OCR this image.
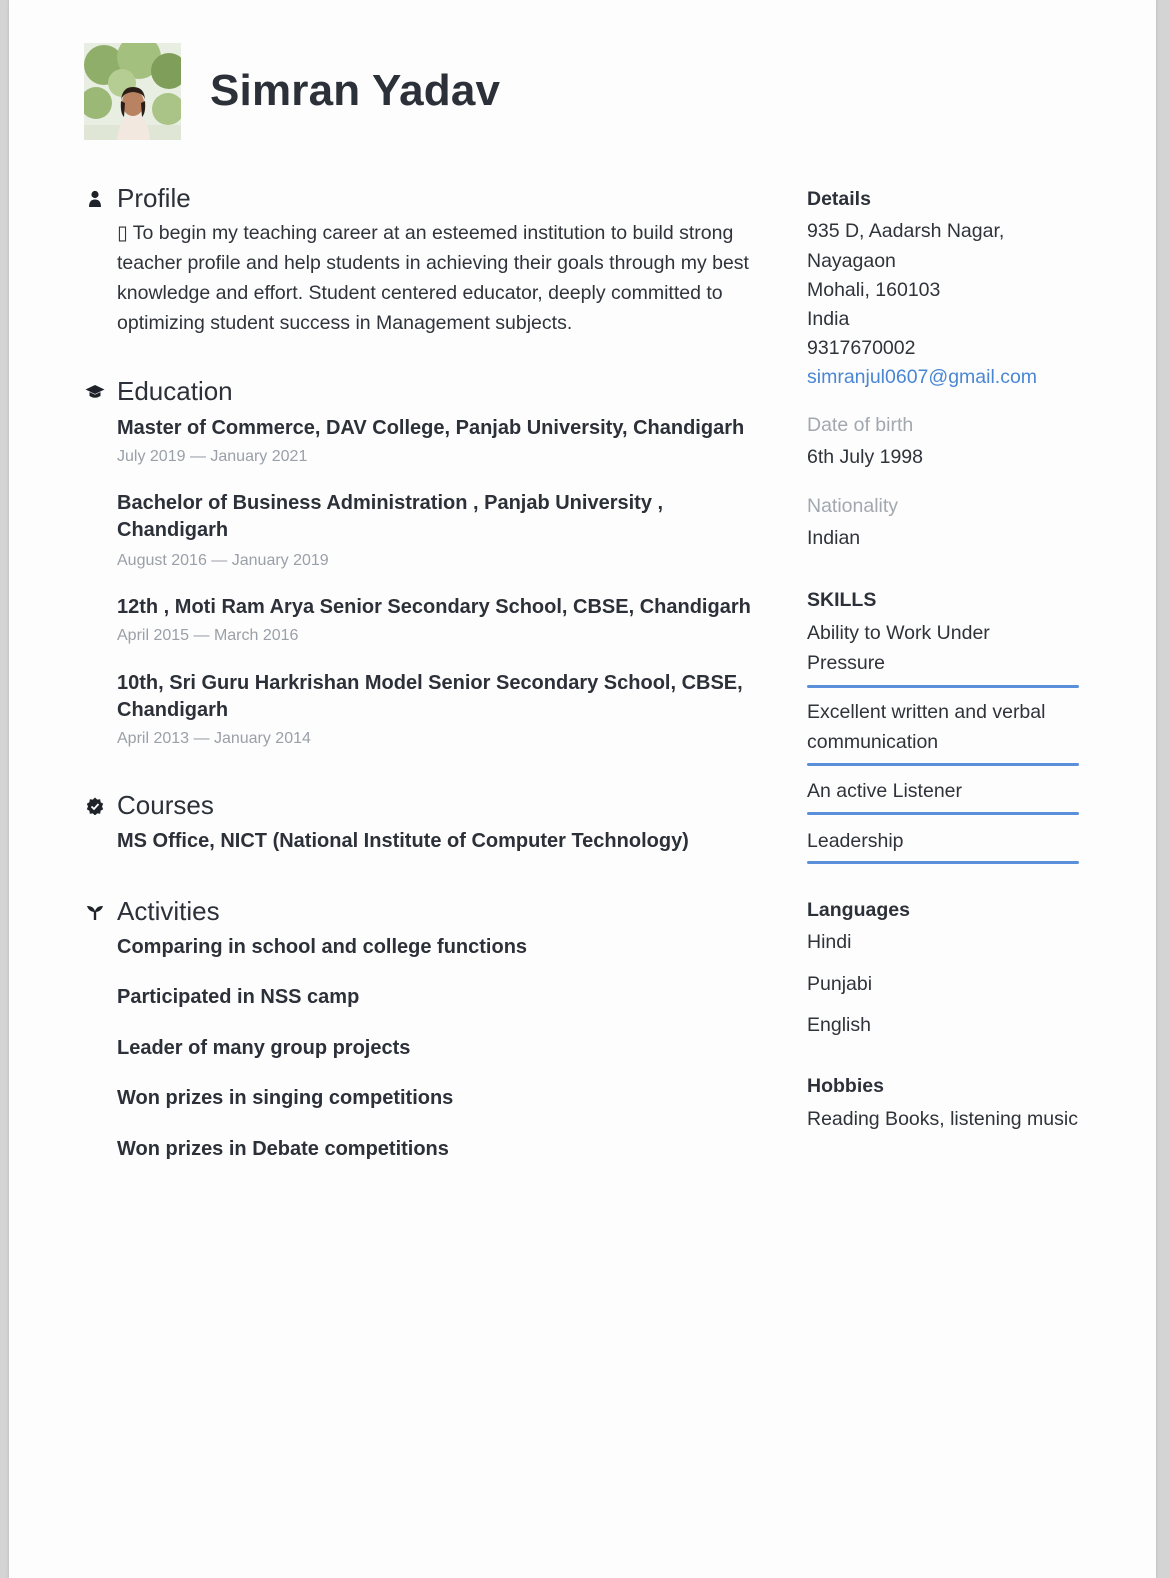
Simran Yadav
Profile
▯ To begin my teaching career at an esteemed institution to build strong teacher profile and help students in achieving their goals through my best knowledge and effort. Student centered educator, deeply committed to optimizing student success in Management subjects.
Education
Master of Commerce, DAV College, Panjab University, Chandigarh
July 2019 — January 2021
Bachelor of Business Administration , Panjab University , Chandigarh
August 2016 — January 2019
12th , Moti Ram Arya Senior Secondary School, CBSE, Chandigarh
April 2015 — March 2016
10th, Sri Guru Harkrishan Model Senior Secondary School, CBSE, Chandigarh
April 2013 — January 2014
Courses
MS Office, NICT (National Institute of Computer Technology)
Activities
Comparing in school and college functions
Participated in NSS camp
Leader of many group projects
Won prizes in singing competitions
Won prizes in Debate competitions
Details
935 D, Aadarsh Nagar,
Nayagaon
Mohali, 160103
India
9317670002
simranjul0607@gmail.com
Date of birth
6th July 1998
Nationality
Indian
SKILLS
Ability to Work Under Pressure
Excellent written and verbal communication
An active Listener
Leadership
Languages
Hindi
Punjabi
English
Hobbies
Reading Books, listening music
